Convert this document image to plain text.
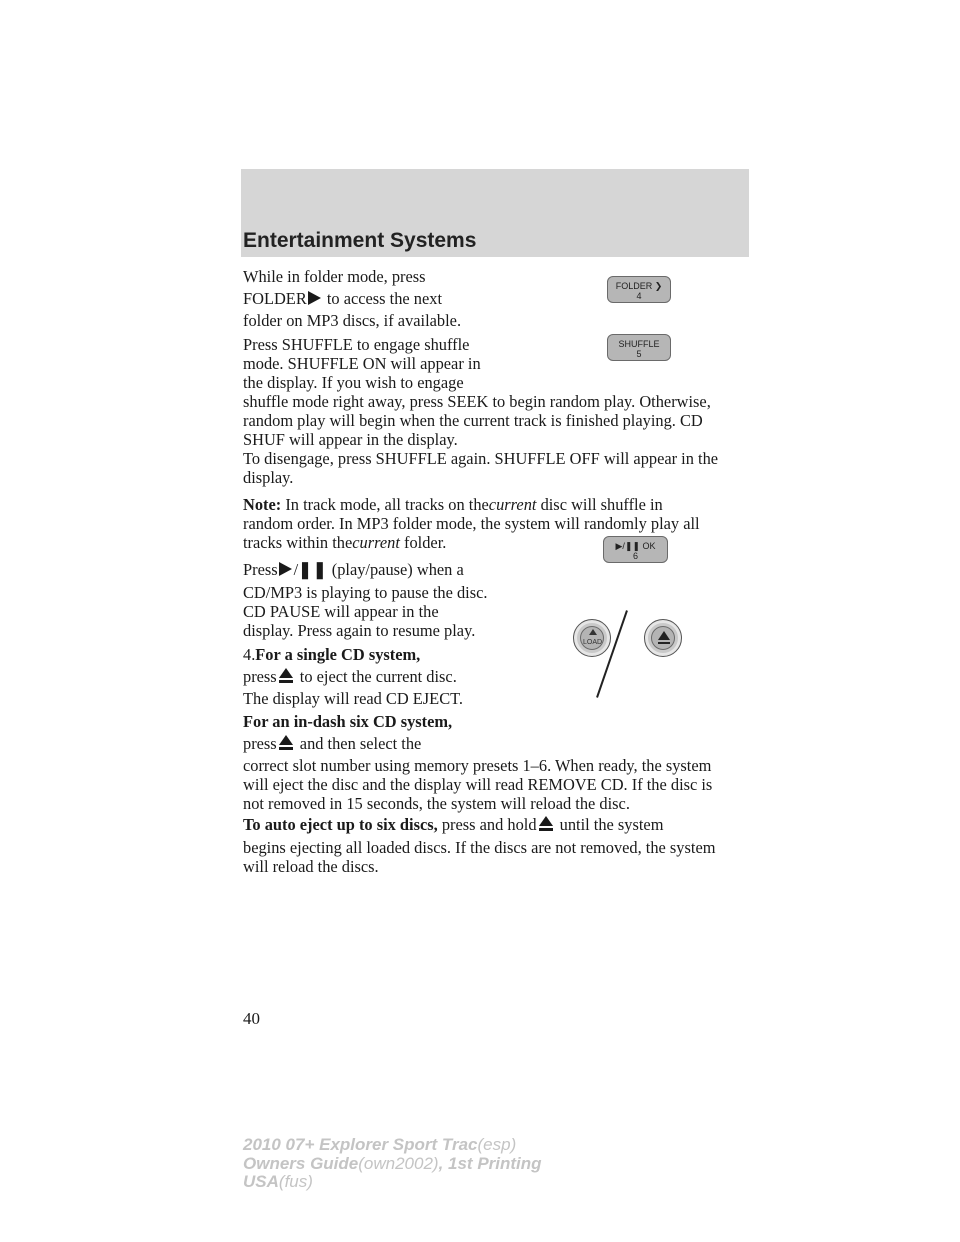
Entertainment Systems
While in folder mode, press
FOLDER to access the next
folder on MP3 discs, if available.
FOLDER ❯
4
Press SHUFFLE to engage shuffle
mode. SHUFFLE ON will appear in
the display. If you wish to engage
shuffle mode right away, press SEEK to begin random play. Otherwise,
random play will begin when the current track is finished playing. CD
SHUF will appear in the display.
To disengage, press SHUFFLE again. SHUFFLE OFF will appear in the
display.
SHUFFLE
5
Note: In track mode, all tracks on thecurrent disc will shuffle in
random order. In MP3 folder mode, the system will randomly play all
tracks within thecurrent folder.
Press /❚❚ (play/pause) when a
CD/MP3 is playing to pause the disc.
CD PAUSE will appear in the
display. Press again to resume play.
▶/❚❚ OK
6
4.For a single CD system,
press to eject the current disc.
The display will read CD EJECT.
For an in-dash six CD system,
press and then select the
correct slot number using memory presets 1–6. When ready, the system
will eject the disc and the display will read REMOVE CD. If the disc is
not removed in 15 seconds, the system will reload the disc.
To auto eject up to six discs, press and hold until the system
begins ejecting all loaded discs. If the discs are not removed, the system
will reload the discs.
LOAD
40
2010 07+ Explorer Sport Trac(esp)
Owners Guide(own2002), 1st Printing
USA(fus)
